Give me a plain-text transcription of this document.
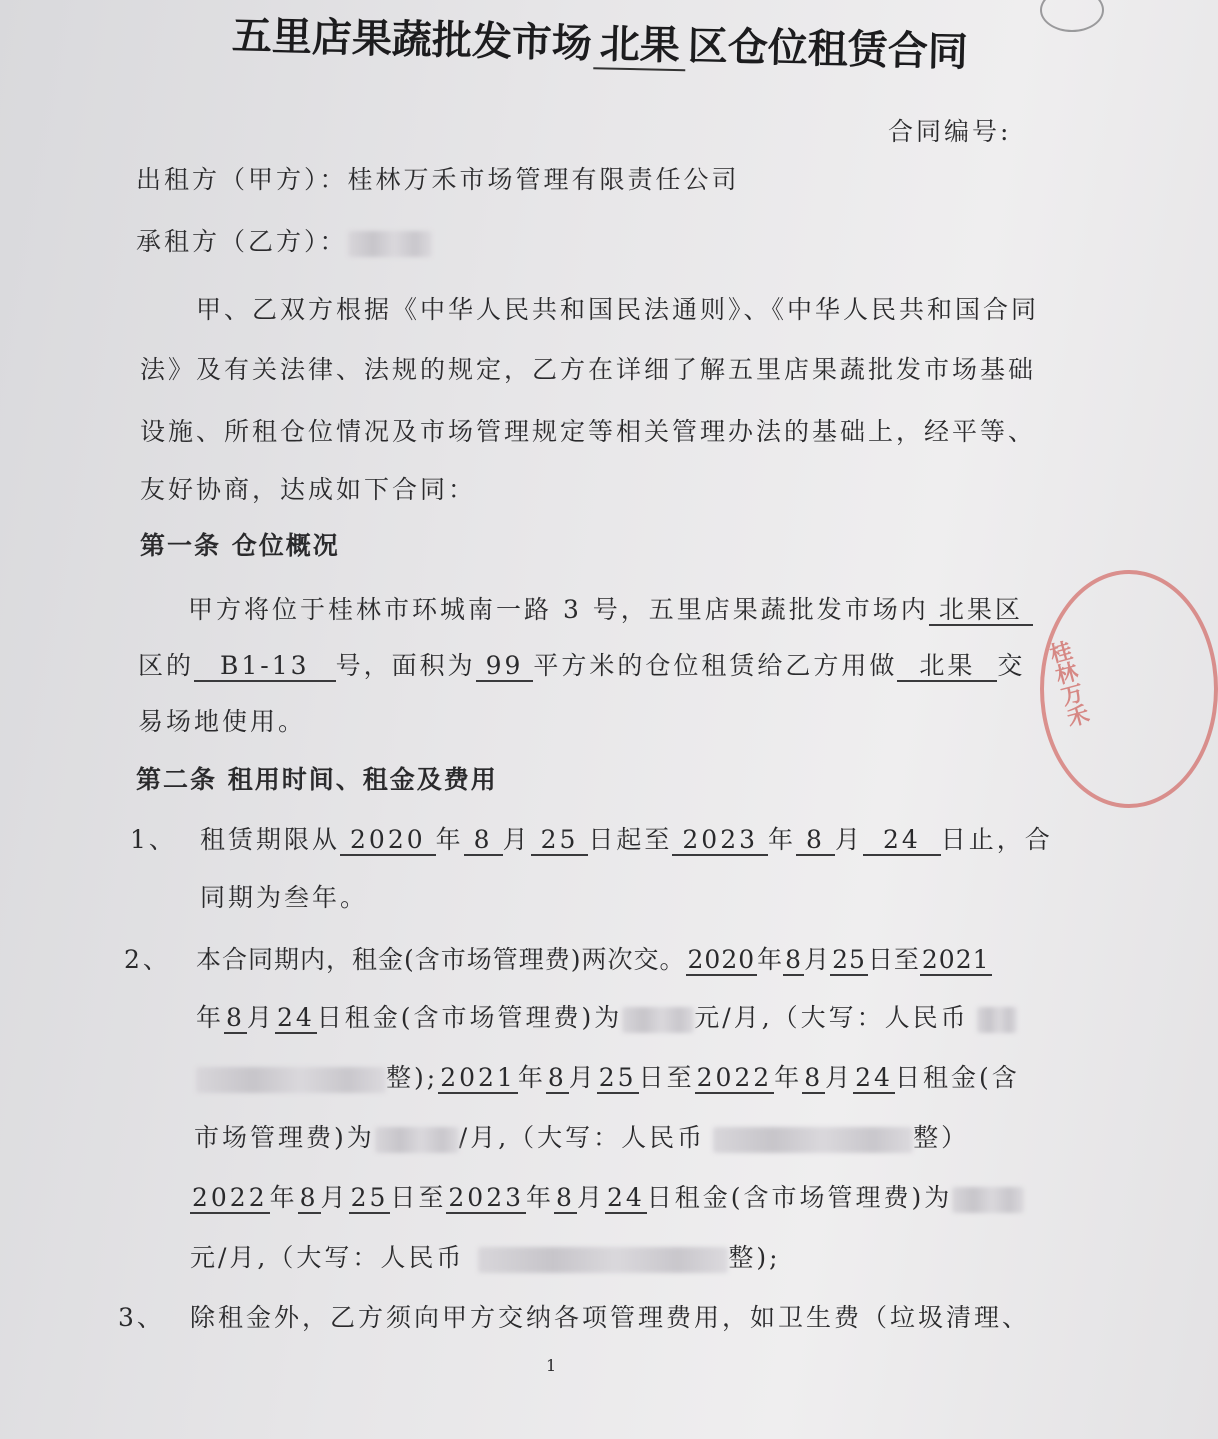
五里店果蔬批发市场 北果 区仓位租赁合同
合同编号:
出租方（甲方）：桂林万禾市场管理有限责任公司
承租方（乙方）：
甲、乙双方根据《中华人民共和国民法通则》、《中华人民共和国合同
法》及有关法律、法规的规定，乙方在详细了解五里店果蔬批发市场基础
设施、所租仓位情况及市场管理规定等相关管理办法的基础上，经平等、
友好协商，达成如下合同：
第一条 仓位概况
甲方将位于桂林市环城南一路 3 号，五里店果蔬批发市场内 北果区
区的 B1-13 号，面积为 99 平方米的仓位租赁给乙方用做 北果 交
易场地使用。
第二条 租用时间、租金及费用
1、 租赁期限从 2020 年 8 月 25 日起至 2023 年 8 月 24 日止，合
同期为叁年。
2、 本合同期内，租金(含市场管理费)两次交。2020年8月25日至2021
年8月24日租金(含市场管理费)为	元/月,（大写：人民币
整);2021年8月25日至2022年8月24日租金(含
市场管理费)为	/月,（大写：人民币	整）
2022年8月25日至2023年8月24日租金(含市场管理费)为
元/月,（大写：人民币	整);
3、 除租金外，乙方须向甲方交纳各项管理费用，如卫生费（垃圾清理、
桂林万禾
1
